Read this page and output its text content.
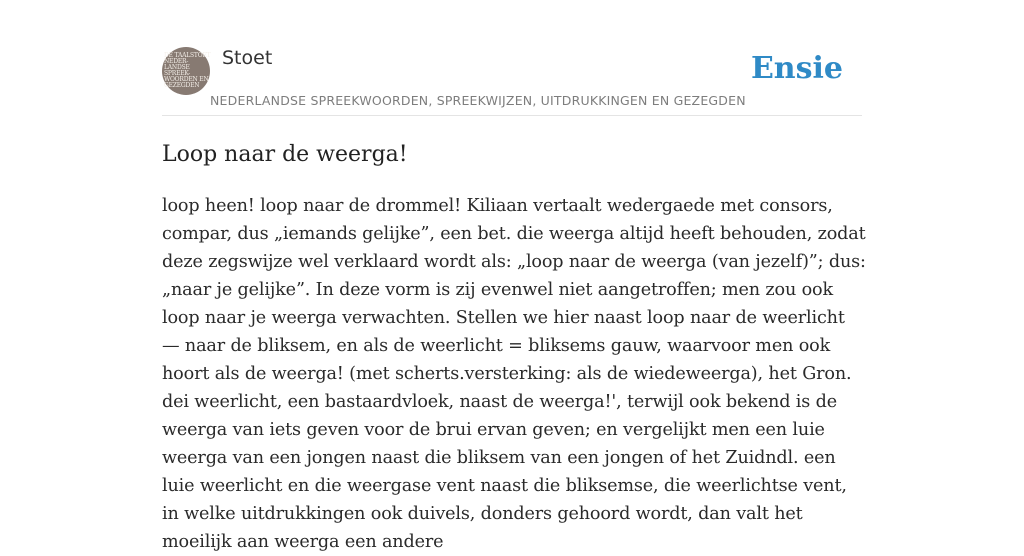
DE TAALSTOET
NEDER-
LANDSE
SPREEK-
WOORDEN EN
GEZEGDEN
Stoet
NEDERLANDSE SPREEKWOORDEN, SPREEKWIJZEN, UITDRUKKINGEN EN GEZEGDEN
Ensie
Loop naar de weerga!

loop heen! loop naar de drommel! Kiliaan vertaalt wedergaede met consors, compar, dus „iemands gelijke”, een bet. die weerga altijd heeft behouden, zodat deze zegswijze wel verklaard wordt als: „loop naar de weerga (van jezelf)”; dus: „naar je gelijke”. In deze vorm is zij evenwel niet aangetroffen; men zou ook loop naar je weerga verwachten. Stellen we hier naast loop naar de weerlicht — naar de bliksem, en als de weerlicht = bliksems gauw, waarvoor men ook hoort als de weerga! (met scherts.versterking: als de wiedeweerga), het Gron. dei weerlicht, een bastaardvloek, naast de weerga!', terwijl ook bekend is de weerga van iets geven voor de brui ervan geven; en vergelijkt men een luie weerga van een jongen naast die bliksem van een jongen of het Zuidndl. een luie weerlicht en die weergase vent naast die bliksemse, die weerlichtse vent, in welke uitdrukkingen ook duivels, donders gehoord wordt, dan valt het moeilijk aan weerga een andere
